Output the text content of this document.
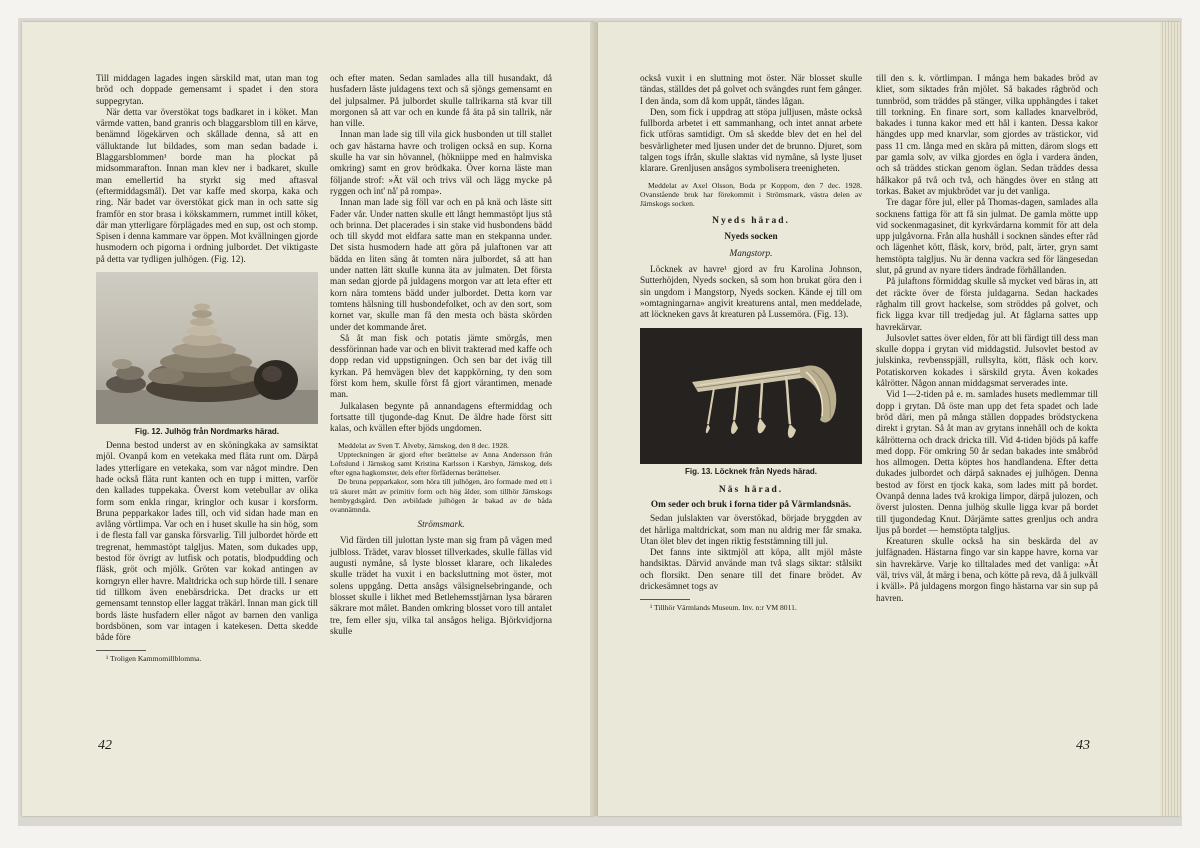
Till middagen lagades ingen särskild mat, utan man tog bröd och doppade gemensamt i spadet i den stora suppegrytan.

När detta var överstökat togs badkaret in i köket. Man värmde vatten, band granris och blaggarsblom till en kärve, benämnd lögekärven och skållade denna, så att en välluktande lut bildades, som man sedan badade i. Blaggarsblommen¹ borde man ha plockat på midsommarafton. Innan man klev ner i badkaret, skulle man emellertid ha styrkt sig med aftasval (eftermiddagsmål). Det var kaffe med skorpa, kaka och ring. När badet var överstökat gick man in och satte sig framför en stor brasa i kökskammern, rummet intill köket, där man ytterligare förplägades med en sup, ost och stomp. Spisen i denna kammare var öppen. Mot kvällningen gjorde husmodern och pigorna i ordning julbordet. Det viktigaste på detta var tydligen julhögen. (Fig. 12).

Fig. 12. Julhög från Nordmarks härad.

Denna bestod underst av en sköningkaka av samsiktat mjöl. Ovanpå kom en vetekaka med fläta runt om. Därpå lades ytterligare en vetekaka, som var något mindre. Den hade också fläta runt kanten och en tupp i mitten, varför den kallades tuppekaka. Överst kom vetebullar av olika form som enkla ringar, kringlor och kusar i korsform. Bruna pepparkakor lades till, och vid sidan hade man en avlång vörtlimpa. Var och en i huset skulle ha sin hög, som i de flesta fall var ganska försvarlig. Till julbordet hörde ett tregrenat, hemmastöpt talgljus. Maten, som dukades upp, bestod för övrigt av lutfisk och potatis, blodpudding och fläsk, gröt och mjölk. Gröten var kokad antingen av korngryn eller havre. Maltdricka och sup hörde till. I senare tid tillkom även enebärsdricka. Det dracks ur ett gemensamt tennstop eller laggat träkärl. Innan man gick till bords läste husfadern eller något av barnen den vanliga bordsbönen, som var intagen i katekesen. Detta skedde både före

¹ Troligen Kammomillblomma.

och efter maten. Sedan samlades alla till husandakt, då husfadern läste juldagens text och så sjöngs gemensamt en del julpsalmer. På julbordet skulle tallrikarna stå kvar till morgonen så att var och en kunde få äta på sin tallrik, när han ville.

Innan man lade sig till vila gick husbonden ut till stallet och gav hästarna havre och troligen också en sup. Korna skulle ha var sin hövannel, (hökniippe med en halmviska omkring) samt en grov brödkaka. Över korna läste man följande strof: »Ät väl och trivs väl och lägg mycke på ryggen och int' nå' på rompa».

Innan man lade sig föll var och en på knä och läste sitt Fader vår. Under natten skulle ett långt hemmastöpt ljus stå och brinna. Det placerades i sin stake vid husbondens bädd och till skydd mot eldfara satte man en stekpanna under. Det sista husmodern hade att göra på julaftonen var att bädda en liten säng åt tomten nära julbordet, så att han under natten lätt skulle kunna äta av julmaten. Det första man sedan gjorde på juldagens morgon var att leta efter ett korn nära tomtens bädd under julbordet. Detta korn var tomtens hälsning till husbondefolket, och av den sort, som kornet var, skulle man få den mesta och bästa skörden under det kommande året.

Så åt man fisk och potatis jämte smörgås, men dessförinnan hade var och en blivit trakterad med kaffe och dopp redan vid uppstigningen. Och sen bar det iväg till kyrkan. På hemvägen blev det kappkörning, ty den som först kom hem, skulle först få gjort värantimen, menade man.

Julkalasen begynte på annandagens eftermiddag och fortsatte till tjugonde-dag Knut. De äldre hade först sitt kalas, och kvällen efter bjöds ungdomen.

Meddelat av Sven T. Ålveby, Järnskog, den 8 dec. 1928.

Uppteckningen är gjord efter berättelse av Anna Andersson från Loftslund i Järnskog samt Kristina Karlsson i Karsbyn, Järnskog, dels efter egna hagkomster, dels efter förfädernas berättelser.

De bruna pepparkakor, som höra till julhögen, äro formade med ett i trä skuret mått av primitiv form och hög ålder, som tillhör Järnskogs hembygdsgård. Den avbildade julhögen är bakad av de båda ovannämnda.

Strömsmark.

Vid färden till julottan lyste man sig fram på vägen med julbloss. Trädet, varav blosset tillverkades, skulle fällas vid augusti nymåne, så lyste blosset klarare, och likaledes skulle trädet ha vuxit i en backsluttning mot öster, mot solens uppgång. Detta ansågs välsignelsebringande, och blosset skulle i likhet med Betlehemsstjärnan lysa bäraren säkrare mot målet. Banden omkring blosset voro till antalet tre, fem eller sju, vilka tal ansågos heliga. Björkvidjorna skulle

42

också vuxit i en sluttning mot öster. När blosset skulle tändas, ställdes det på golvet och svängdes runt fem gånger. I den ända, som då kom uppåt, tändes lågan.

Den, som fick i uppdrag att stöpa julljusen, måste också fullborda arbetet i ett sammanhang, och intet annat arbete fick utföras samtidigt. Om så skedde blev det en hel del besvärligheter med ljusen under det de brunno. Djuret, som talgen togs ifrån, skulle slaktas vid nymåne, så lyste ljuset klarare. Grenljusen ansågos symbolisera treenigheten.

Meddelat av Axel Olsson, Boda pr Koppom, den 7 dec. 1928. Ovanstående bruk har förekommit i Strömsmark, västra delen av Järnskogs socken.

Nyeds härad.

Nyeds socken

Mangstorp.

Löcknek av havre¹ gjord av fru Karolina Johnson, Sutterhöjden, Nyeds socken, så som hon brukat göra den i sin ungdom i Mangstorp, Nyeds socken. Kände ej till om »omtagningarna» angivit kreaturens antal, men meddelade, att löckneken gavs åt kreaturen på Lussemöra. (Fig. 13).

Fig. 13. Löcknek från Nyeds härad.

Näs härad.

Om seder och bruk i forna tider på Värmlandsnäs.

Sedan julslakten var överstökad, började bryggden av det härliga maltdrickat, som man nu aldrig mer får smaka. Utan ölet blev det ingen riktig feststämning till jul.

Det fanns inte siktmjöl att köpa, allt mjöl måste handsiktas. Därvid använde man två slags siktar: stålsikt och florsikt. Den senare till det finare brödet. Av drickesämnet togs av

¹ Tillhör Värmlands Museum. Inv. n:r VM 8011.

till den s. k. vörtlimpan. I många hem bakades bröd av kliet, som siktades från mjölet. Så bakades rågbröd och tunnbröd, som träddes på stänger, vilka upphängdes i taket till torkning. En finare sort, som kallades knarvelbröd, bakades i tunna kakor med ett hål i kanten. Dessa kakor hängdes upp med knarvlar, som gjordes av trästickor, vid pass 11 cm. långa med en skåra på mitten, därom slogs ett par gamla solv, av vilka gjordes en ögla i vardera änden, och så träddes stickan genom öglan. Sedan träddes dessa hålkakor på två och två, och hängdes över en stång att torkas. Baket av mjukbrödet var ju det vanliga.

Tre dagar före jul, eller på Thomas-dagen, samlades alla socknens fattiga för att få sin julmat. De gamla mötte upp vid sockenmagasinet, dit kyrkvärdarna kommit för att dela upp julgåvorna. Från alla hushåll i socknen sändes efter råd och lägenhet kött, fläsk, korv, bröd, palt, ärter, gryn samt hemstöpta talgljus. Nu är denna vackra sed för längesedan slut, på grund av nyare tiders ändrade förhållanden.

På julaftons förmiddag skulle så mycket ved bäras in, att det räckte över de första juldagarna. Sedan hackades råghalm till grovt hackelse, som ströddes på golvet, och fick ligga kvar till tredjedag jul. At fåglarna sattes upp havrekärvar.

Julsovlet sattes över elden, för att bli färdigt till dess man skulle doppa i grytan vid middagstid. Julsovlet bestod av julskinka, revbensspjäll, rullsylta, kött, fläsk och korv. Potatiskorven kokades i särskild gryta. Även kokades kålrötter. Någon annan middagsmat serverades inte.

Vid 1—2-tiden på e. m. samlades husets medlemmar till dopp i grytan. Då öste man upp det feta spadet och lade bröd däri, men på många ställen doppades brödstyckena direkt i grytan. Så åt man av grytans innehåll och de kokta kålrötterna och drack dricka till. Vid 4-tiden bjöds på kaffe med dopp. För omkring 50 år sedan bakades inte småbröd hos allmogen. Detta köptes hos handlandena. Efter detta dukades julbordet och därpå saknades ej julhögen. Denna bestod av först en tjock kaka, som lades mitt på bordet. Ovanpå denna lades två krokiga limpor, därpå julozen, och överst julosten. Denna julhög skulle ligga kvar på bordet till tjugondedag Knut. Därjämte sattes grenljus och andra ljus på bordet — hemstöpta talgljus.

Kreaturen skulle också ha sin beskärda del av julfägnaden. Hästarna fingo var sin kappe havre, korna var sin havrekärve. Varje ko tilltalades med det vanliga: »Ät väl, trivs väl, åt märg i bena, och kötte på reva, då å julkväll i kväll». På juldagens morgon fingo hästarna var sin sup på havren.

43
